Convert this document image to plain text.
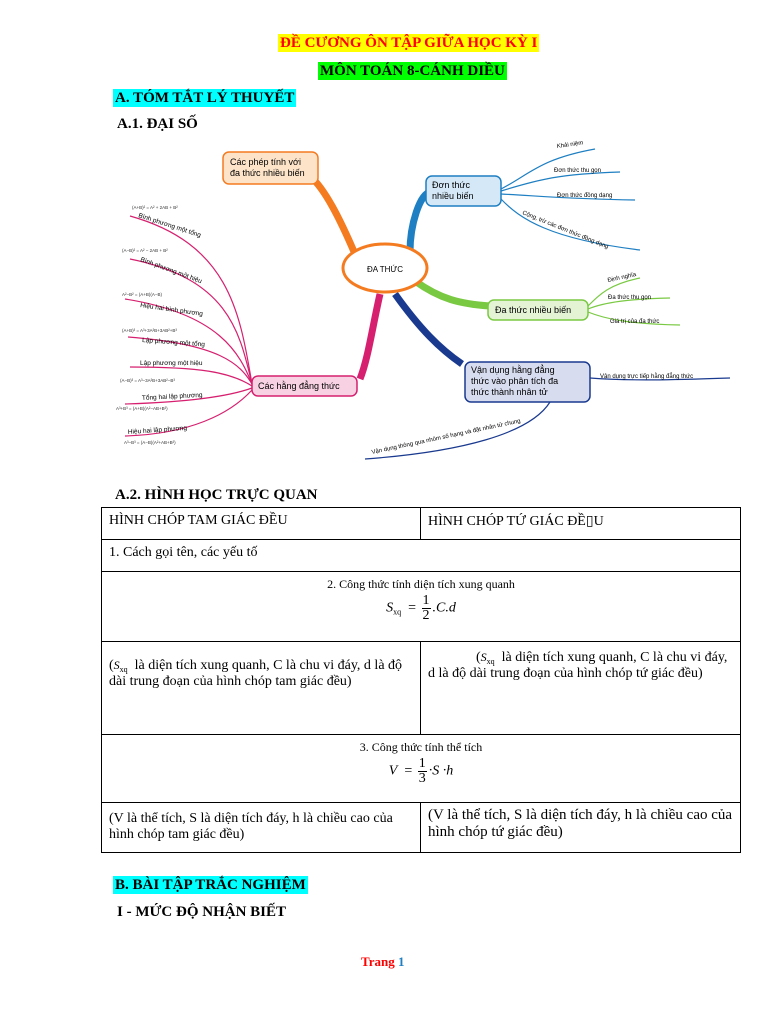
ĐỀ CƯƠNG ÔN TẬP GIỮA HỌC KỲ I
MÔN TOÁN 8-CÁNH DIỀU
A. TÓM TẮT LÝ THUYẾT
A.1. ĐẠI SỐ
ĐA THỨC
Các phép tính với
đa thức nhiều biến
Đơn thức
nhiều biến
Khái niệm
Đơn thức thu gọn
Đơn thức đồng dạng
Cộng, trừ các đơn thức đồng dạng
Đa thức nhiều biến
Định nghĩa
Đa thức thu gọn
Giá trị của đa thức
Vận dụng hằng đẳng
thức vào phân tích đa
thức thành nhân tử
Vận dụng trực tiếp hằng đẳng thức
Vận dụng thông qua nhóm số hạng và đặt nhân tử chung
Các hằng đẳng thức
Bình phương một tổng
Bình phương một hiệu
Hiệu hai bình phương
Lập phương một tổng
Lập phương một hiệu
Tổng hai lập phương
Hiệu hai lập phương
(A+B)² = A² + 2AB + B²
(A−B)² = A² − 2AB + B²
A²−B² = (A+B)(A−B)
(A+B)³ = A³+3A²B+3AB²+B³
(A−B)³ = A³−3A²B+3AB²−B³
A³+B³ = (A+B)(A²−AB+B²)
A³−B³ = (A−B)(A²+AB+B²)
A.2. HÌNH HỌC TRỰC QUAN
HÌNH CHÓP TAM GIÁC ĐỀU	HÌNH CHÓP TỨ GIÁC ĐỀ▯U
1. Cách gọi tên, các yếu tố	

2. Công thức tính diện tích xung quanh
$S_{xq} = \frac{1}{2} .C.d$	

($S_{xq}$ là diện tích xung quanh, C là chu vi đáy, d là độ dài trung đoạn của hình chóp tam giác đều)	($S_{xq}$ là diện tích xung quanh, C là chu vi đáy, d là độ dài trung đoạn của hình chóp tứ giác đều)

3. Công thức tính thể tích
$V = \frac{1}{3} \cdot S \cdot h$	

(V là thể tích, S là diện tích đáy, h là chiều cao của hình chóp tam giác đều)	(V là thể tích, S là diện tích đáy, h là chiều cao của hình chóp tứ giác đều)
B. BÀI TẬP TRẮC NGHIỆM
I - MỨC ĐỘ NHẬN BIẾT
Trang 1
